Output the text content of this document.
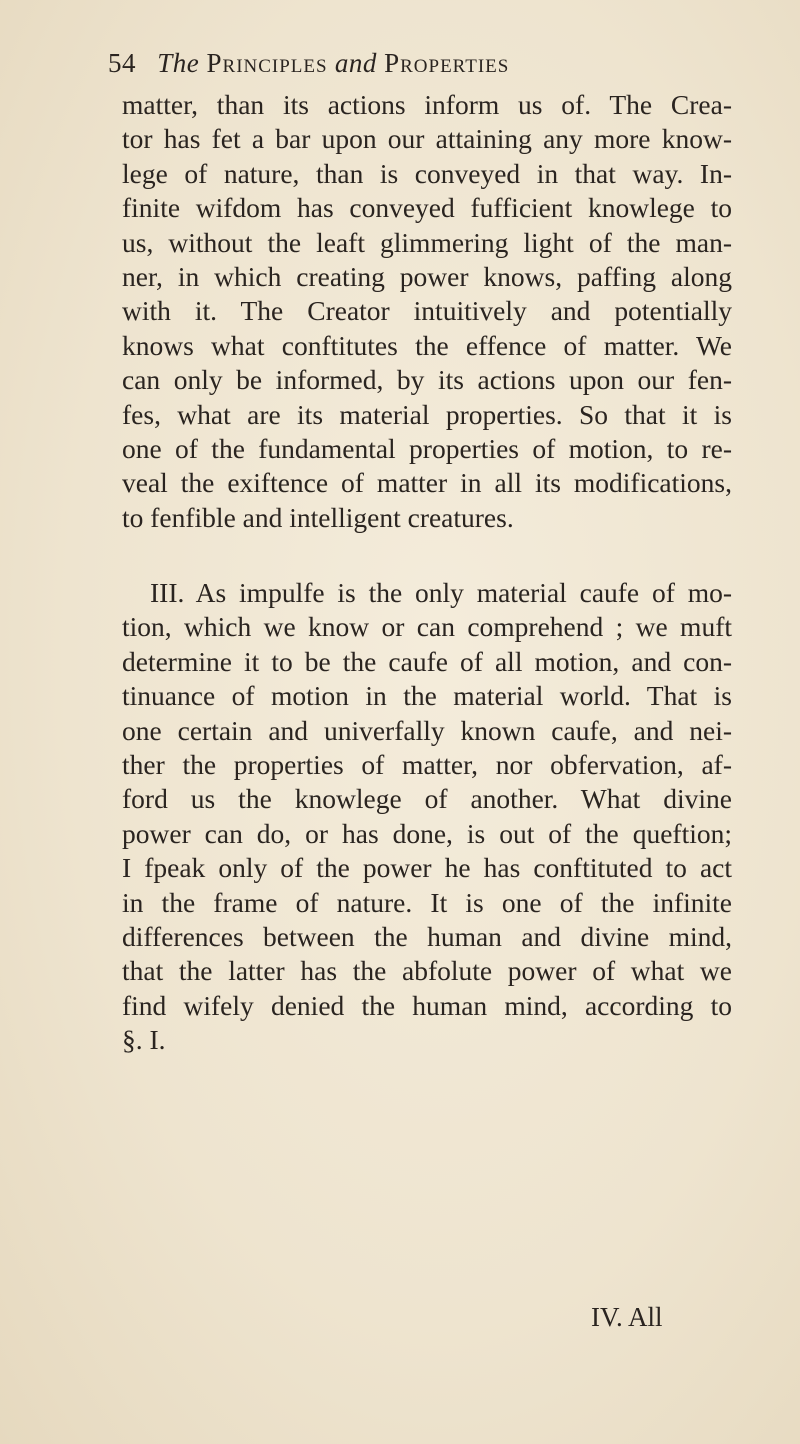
54 The Principles and Properties
matter, than its actions inform us of. The Crea-
tor has fet a bar upon our attaining any more know-
lege of nature, than is conveyed in that way. In-
finite wifdom has conveyed fufficient knowlege to
us, without the leaft glimmering light of the man-
ner, in which creating power knows, paffing along
with it. The Creator intuitively and potentially
knows what conftitutes the effence of matter. We
can only be informed, by its actions upon our fen-
fes, what are its material properties. So that it is
one of the fundamental properties of motion, to re-
veal the exiftence of matter in all its modifications,
to fenfible and intelligent creatures.
III. As impulfe is the only material caufe of mo-
tion, which we know or can comprehend ; we muft
determine it to be the caufe of all motion, and con-
tinuance of motion in the material world. That is
one certain and univerfally known caufe, and nei-
ther the properties of matter, nor obfervation, af-
ford us the knowlege of another. What divine
power can do, or has done, is out of the queftion;
I fpeak only of the power he has conftituted to act
in the frame of nature. It is one of the infinite
differences between the human and divine mind,
that the latter has the abfolute power of what we
find wifely denied the human mind, according to
§. I.
IV. All
